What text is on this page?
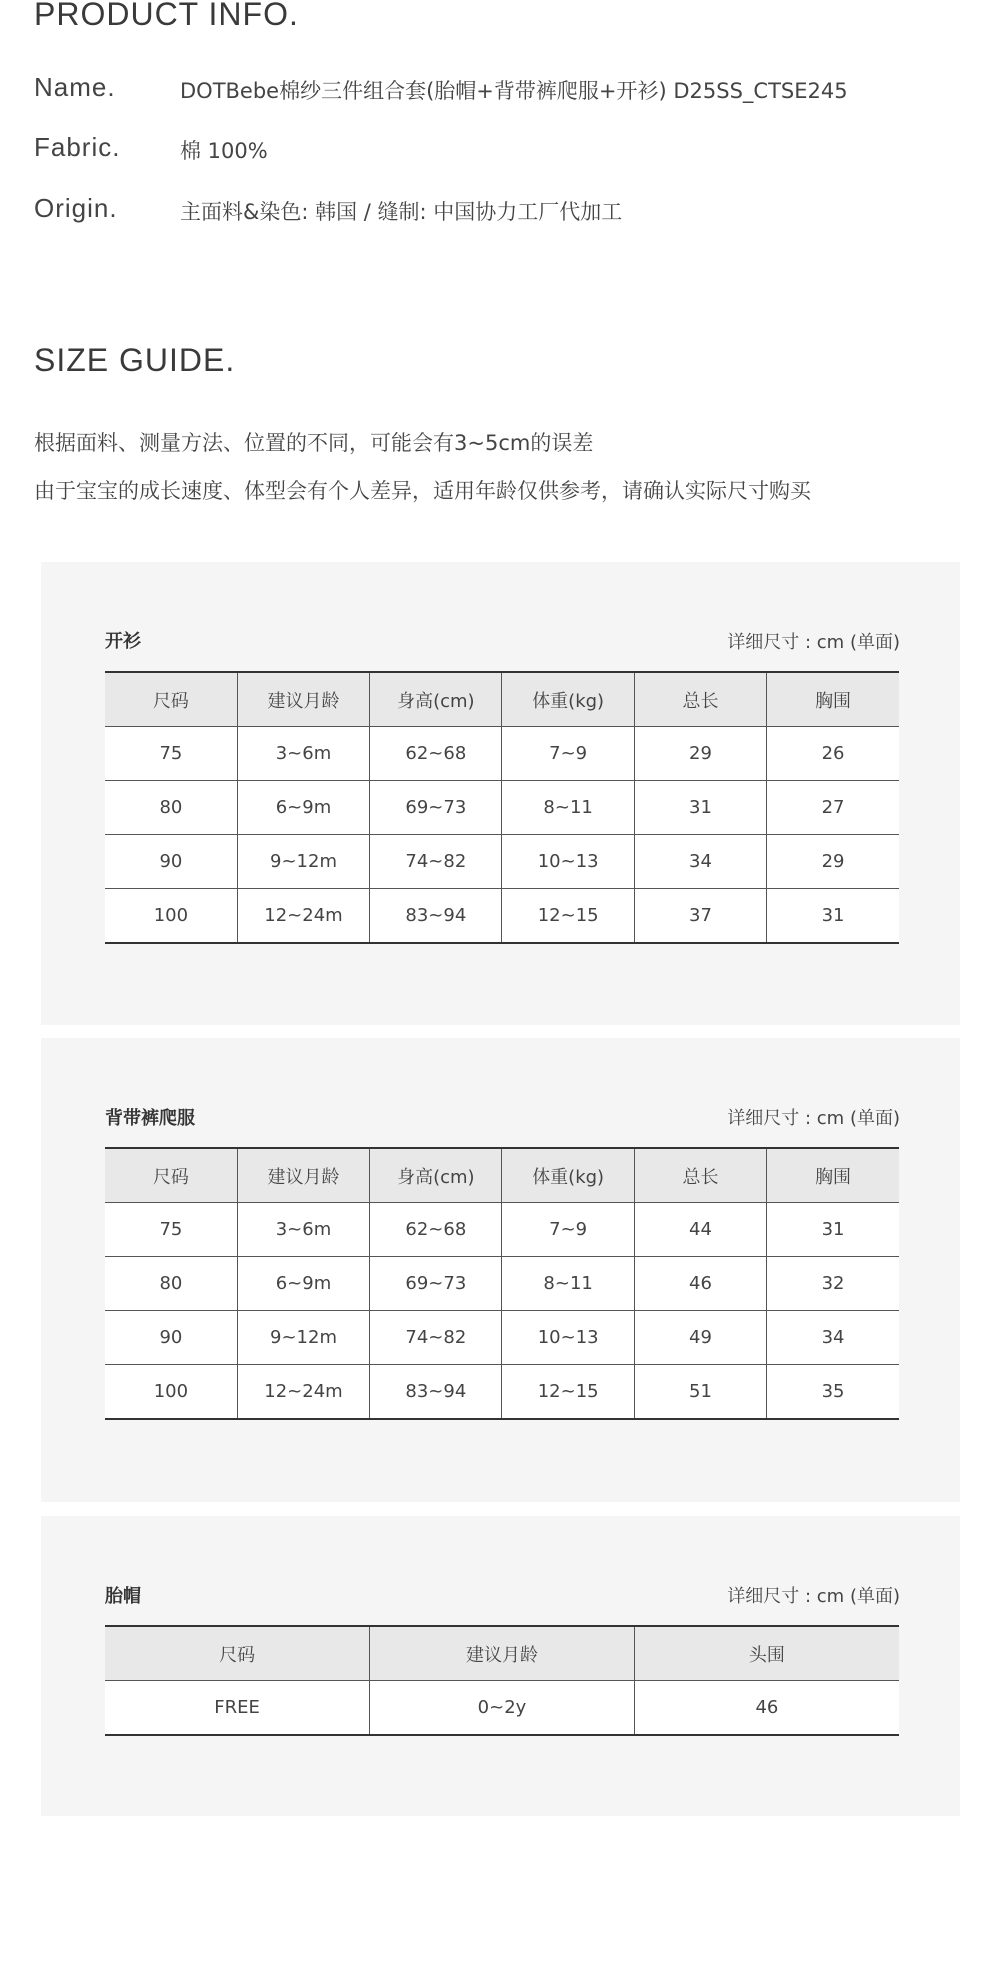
PRODUCT INFO.
Name.	DOTBebe棉纱三件组合套(胎帽+背带裤爬服+开衫) D25SS_CTSE245
Fabric.	棉 100%
Origin.	主面料&染色: 韩国 / 缝制: 中国协力工厂代加工
SIZE GUIDE.
根据面料、测量方法、位置的不同，可能会有3~5cm的误差
由于宝宝的成长速度、体型会有个人差异，适用年龄仅供参考，请确认实际尺寸购买
开衫	详细尺寸 : cm (单面)
尺码	建议月龄	身高(cm)	体重(kg)	总长	胸围
75	3~6m	62~68	7~9	29	26
80	6~9m	69~73	8~11	31	27
90	9~12m	74~82	10~13	34	29
100	12~24m	83~94	12~15	37	31
背带裤爬服	详细尺寸 : cm (单面)
尺码	建议月龄	身高(cm)	体重(kg)	总长	胸围
75	3~6m	62~68	7~9	44	31
80	6~9m	69~73	8~11	46	32
90	9~12m	74~82	10~13	49	34
100	12~24m	83~94	12~15	51	35
胎帽	详细尺寸 : cm (单面)
尺码	建议月龄	头围
FREE	0~2y	46
